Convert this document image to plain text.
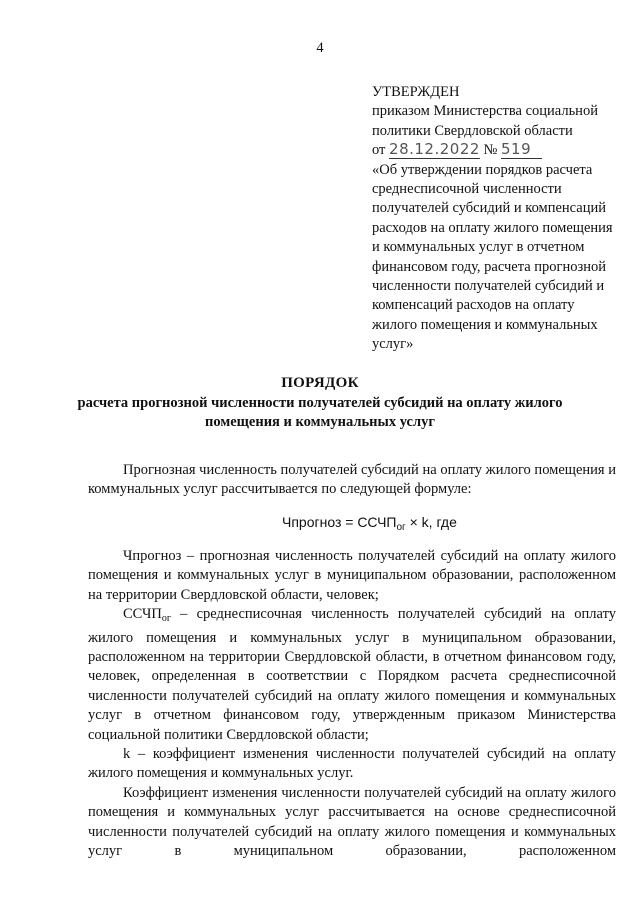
4

УТВЕРЖДЕН

приказом Министерства социальной

политики Свердловской области

от 28.12.2022 № 519

«Об утверждении порядков расчета среднесписочной численности получателей субсидий и компенсаций расходов на оплату жилого помещения и коммунальных услуг в отчетном финансовом году, расчета прогнозной численности получателей субсидий и компенсаций расходов на оплату жилого помещения и коммунальных услуг»

ПОРЯДОК
расчета прогнозной численности получателей субсидий на оплату жилого
помещения и коммунальных услуг

Прогнозная численность получателей субсидий на оплату жилого помещения и коммунальных услуг рассчитывается по следующей формуле:

Чпрогноз = $ССЧП_{ог} \times k$, где

Чпрогноз – прогнозная численность получателей субсидий на оплату жилого помещения и коммунальных услуг в муниципальном образовании, расположенном на территории Свердловской области, человек;

$ССЧП_{ог}$ – среднесписочная численность получателей субсидий на оплату жилого помещения и коммунальных услуг в муниципальном образовании, расположенном на территории Свердловской области, в отчетном финансовом году, человек, определенная в соответствии с Порядком расчета среднесписочной численности получателей субсидий на оплату жилого помещения и коммунальных услуг в отчетном финансовом году, утвержденным приказом Министерства социальной политики Свердловской области;

k – коэффициент изменения численности получателей субсидий на оплату жилого помещения и коммунальных услуг.

Коэффициент изменения численности получателей субсидий на оплату жилого помещения и коммунальных услуг рассчитывается на основе среднесписочной численности получателей субсидий на оплату жилого помещения и коммунальных услуг в муниципальном образовании, расположенном
